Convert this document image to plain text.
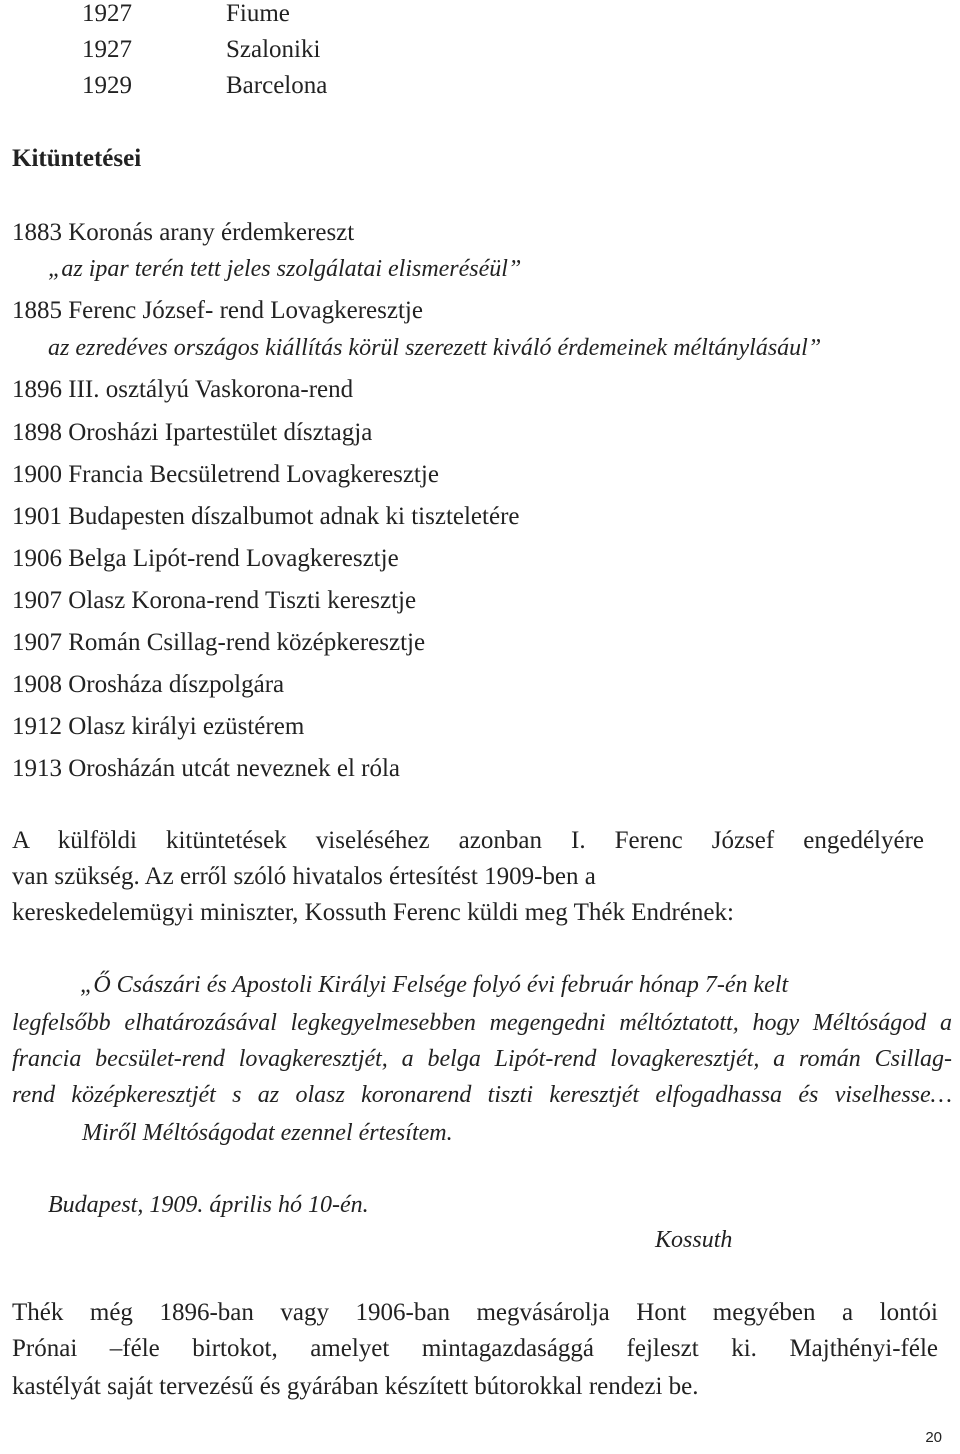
1927	Fiume
1927	Szaloniki
1929	Barcelona
Kitüntetései
1883 Koronás arany érdemkereszt
„az ipar terén tett jeles szolgálatai elismeréséül”
1885 Ferenc József- rend Lovagkeresztje
az ezredéves országos kiállítás körül szerezett kiváló érdemeinek méltánylásául”
1896 III. osztályú Vaskorona-rend
1898 Orosházi Ipartestület dísztagja
1900 Francia Becsületrend Lovagkeresztje
1901 Budapesten díszalbumot adnak ki tiszteletére
1906 Belga Lipót-rend Lovagkeresztje
1907 Olasz Korona-rend Tiszti keresztje
1907 Román Csillag-rend középkeresztje
1908 Orosháza díszpolgára
1912 Olasz királyi ezüstérem
1913 Orosházán utcát neveznek el róla
A külföldi kitüntetések viseléséhez azonban I. Ferenc József engedélyére
van szükség. Az erről szóló hivatalos értesítést 1909-ben a
kereskedelemügyi miniszter, Kossuth Ferenc küldi meg Thék Endrének:
„Ő Császári és Apostoli Királyi Felsége folyó évi február hónap 7-én kelt
legfelsőbb elhatározásával legkegyelmesebben megengedni méltóztatott, hogy Méltóságod a
francia becsület-rend lovagkeresztjét, a belga Lipót-rend lovagkeresztjét, a román Csillag-
rend középkeresztjét s az olasz koronarend tiszti keresztjét elfogadhassa és viselhesse…
Miről Méltóságodat ezennel értesítem.
Budapest, 1909. április hó 10-én.
Kossuth
Thék még 1896-ban vagy 1906-ban megvásárolja Hont megyében a lontói
Prónai –féle birtokot, amelyet mintagazdasággá fejleszt ki. Majthényi-féle
kastélyát saját tervezésű és gyárában készített bútorokkal rendezi be.
20
